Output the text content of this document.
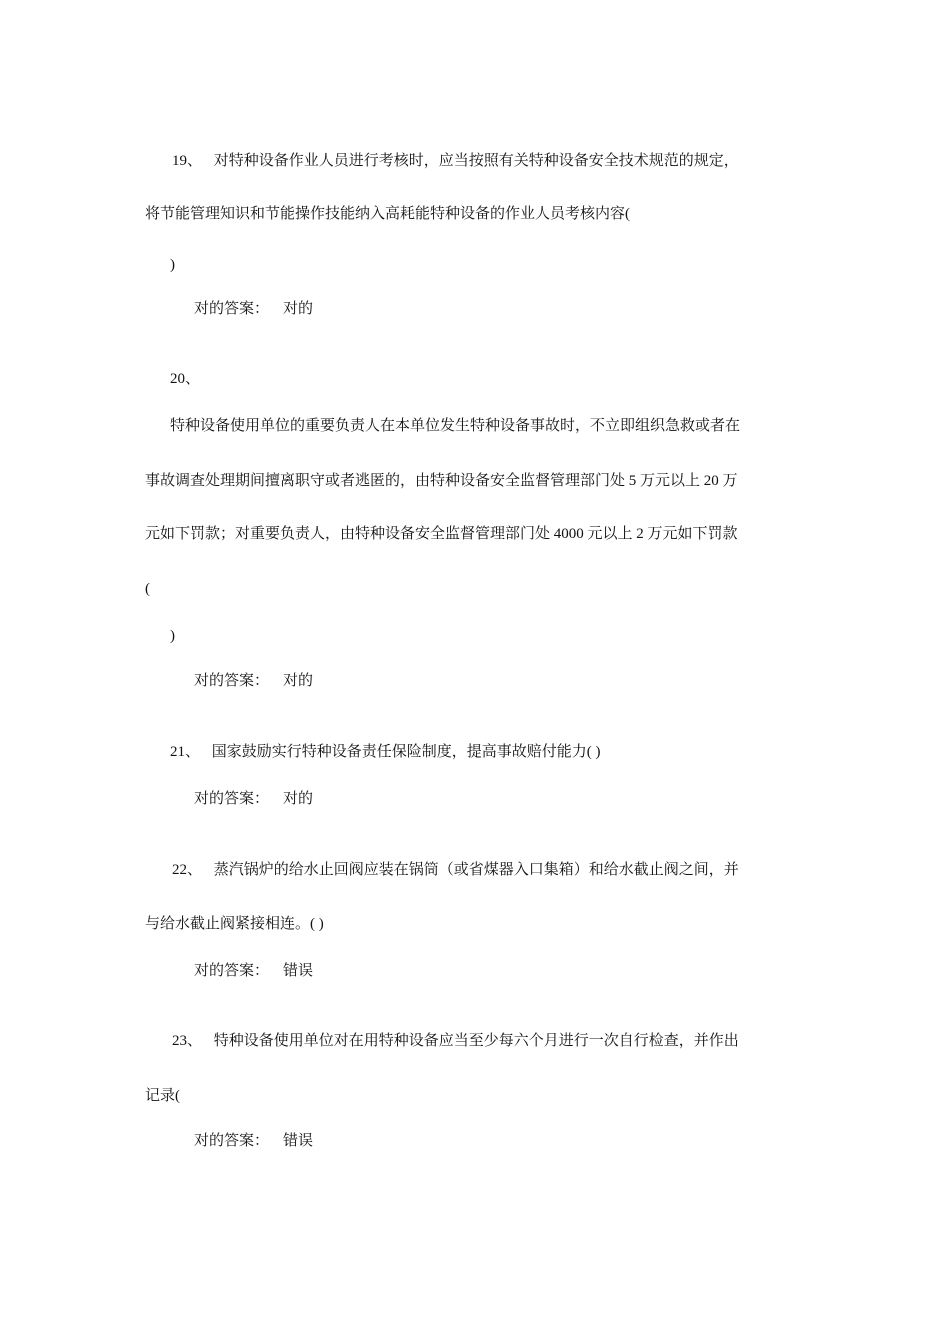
19、 对特种设备作业人员进行考核时，应当按照有关特种设备安全技术规范的规定，
将节能管理知识和节能操作技能纳入高耗能特种设备的作业人员考核内容(
)
对的答案： 对的
20、
特种设备使用单位的重要负责人在本单位发生特种设备事故时，不立即组织急救或者在
事故调查处理期间擅离职守或者逃匿的，由特种设备安全监督管理部门处 5 万元以上 20 万
元如下罚款；对重要负责人，由特种设备安全监督管理部门处 4000 元以上 2 万元如下罚款
(
)
对的答案： 对的
21、 国家鼓励实行特种设备责任保险制度，提高事故赔付能力( )
对的答案： 对的
22、 蒸汽锅炉的给水止回阀应装在锅筒（或省煤器入口集箱）和给水截止阀之间，并
与给水截止阀紧接相连。( )
对的答案： 错误
23、 特种设备使用单位对在用特种设备应当至少每六个月进行一次自行检查，并作出
记录(
对的答案： 错误
